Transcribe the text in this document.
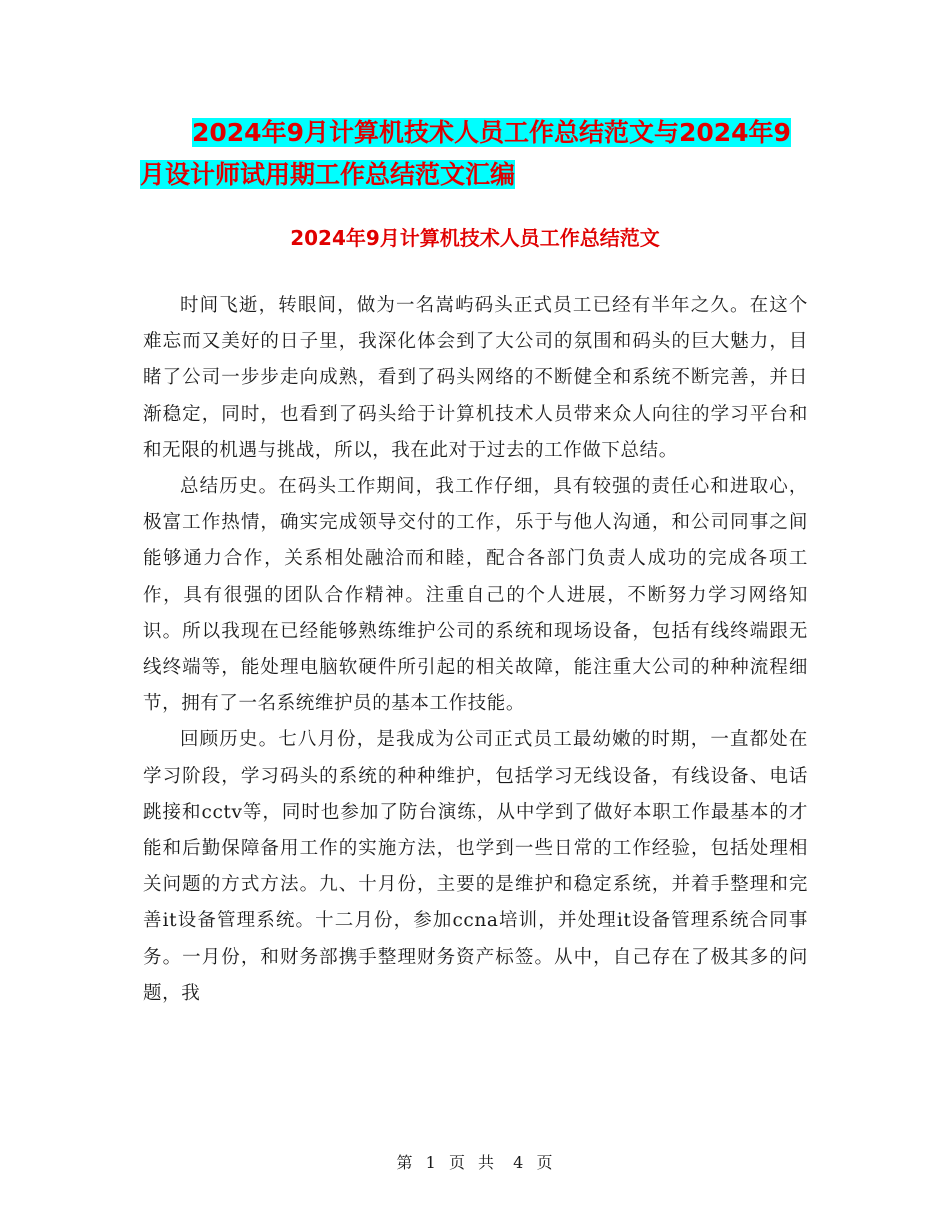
2024年9月计算机技术人员工作总结范文与2024年9
月设计师试用期工作总结范文汇编
2024年9月计算机技术人员工作总结范文

时间飞逝，转眼间，做为一名嵩屿码头正式员工已经有半年之久。在这个难忘而又美好的日子里，我深化体会到了大公司的氛围和码头的巨大魅力，目睹了公司一步步走向成熟，看到了码头网络的不断健全和系统不断完善，并日渐稳定，同时，也看到了码头给于计算机技术人员带来众人向往的学习平台和和无限的机遇与挑战，所以，我在此对于过去的工作做下总结。

总结历史。在码头工作期间，我工作仔细，具有较强的责任心和进取心，极富工作热情，确实完成领导交付的工作，乐于与他人沟通，和公司同事之间能够通力合作，关系相处融洽而和睦，配合各部门负责人成功的完成各项工作，具有很强的团队合作精神。注重自己的个人进展，不断努力学习网络知识。所以我现在已经能够熟练维护公司的系统和现场设备，包括有线终端跟无线终端等，能处理电脑软硬件所引起的相关故障，能注重大公司的种种流程细节，拥有了一名系统维护员的基本工作技能。

回顾历史。七八月份，是我成为公司正式员工最幼嫩的时期，一直都处在学习阶段，学习码头的系统的种种维护，包括学习无线设备，有线设备、电话跳接和cctv等，同时也参加了防台演练，从中学到了做好本职工作最基本的才能和后勤保障备用工作的实施方法，也学到一些日常的工作经验，包括处理相关问题的方式方法。九、十月份，主要的是维护和稳定系统，并着手整理和完善it设备管理系统。十二月份，参加ccna培训，并处理it设备管理系统合同事务。一月份，和财务部携手整理财务资产标签。从中，自己存在了极其多的问题，我

第 1 页 共 4 页
